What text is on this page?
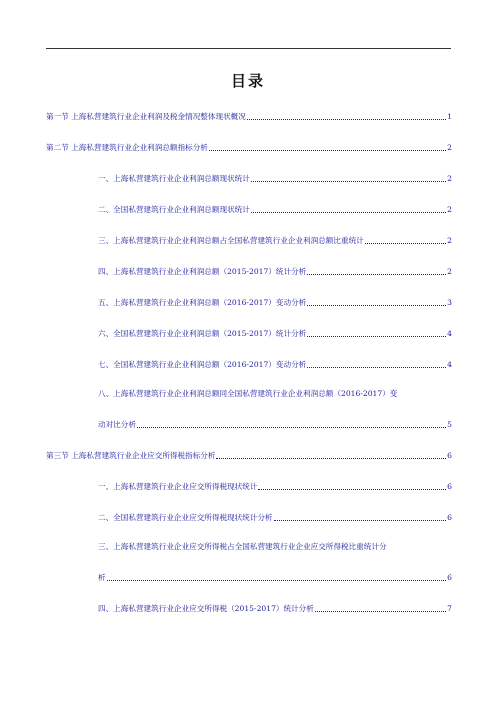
目录
第一节 上海私营建筑行业企业利润及税金情况整体现状概况	1
第二节 上海私营建筑行业企业利润总额指标分析	2
一、上海私营建筑行业企业利润总额现状统计	2
二、全国私营建筑行业企业利润总额现状统计	2
三、上海私营建筑行业企业利润总额占全国私营建筑行业企业利润总额比重统计	2
四、上海私营建筑行业企业利润总额（2015-2017）统计分析	2
五、上海私营建筑行业企业利润总额（2016-2017）变动分析	3
六、全国私营建筑行业企业利润总额（2015-2017）统计分析	4
七、全国私营建筑行业企业利润总额（2016-2017）变动分析	4
八、上海私营建筑行业企业利润总额同全国私营建筑行业企业利润总额（2016-2017）变
动对比分析	5
第三节 上海私营建筑行业企业应交所得税指标分析	6
一、上海私营建筑行业企业应交所得税现状统计	6
二、全国私营建筑行业企业应交所得税现状统计分析	6
三、上海私营建筑行业企业应交所得税占全国私营建筑行业企业应交所得税比重统计分
析	6
四、上海私营建筑行业企业应交所得税（2015-2017）统计分析	7
